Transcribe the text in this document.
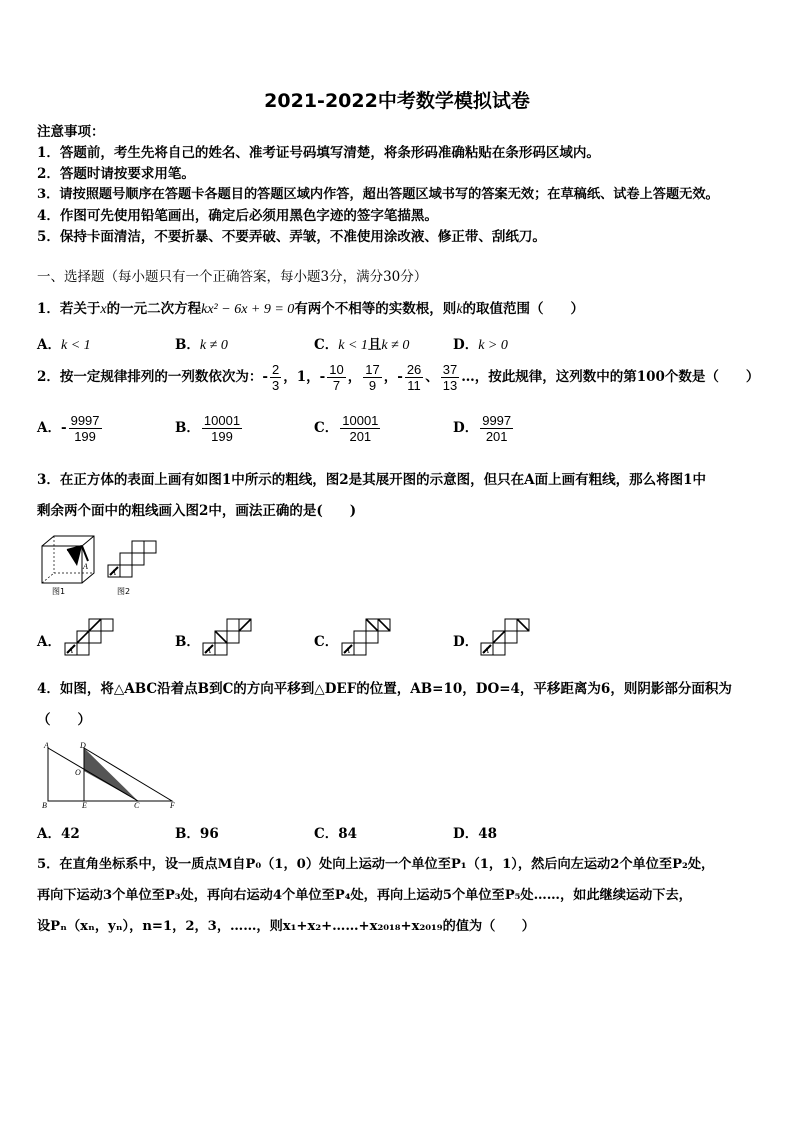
2021-2022中考数学模拟试卷
注意事项：
1．答题前，考生先将自己的姓名、准考证号码填写清楚，将条形码准确粘贴在条形码区域内。
2．答题时请按要求用笔。
3．请按照题号顺序在答题卡各题目的答题区域内作答，超出答题区域书写的答案无效；在草稿纸、试卷上答题无效。
4．作图可先使用铅笔画出，确定后必须用黑色字迹的签字笔描黑。
5．保持卡面清洁，不要折暴、不要弄破、弄皱，不准使用涂改液、修正带、刮纸刀。
一、选择题（每小题只有一个正确答案，每小题3分，满分30分）
1．若关于x的一元二次方程kx² − 6x + 9 = 0有两个不相等的实数根，则k的取值范围（　　）
A．k < 1	B．k ≠ 0	C．k < 1且k ≠ 0	D．k > 0
2．按一定规律排列的一列数依次为：- $\frac{2}{3}$ ，1，- $\frac{10}{7}$ ， $\frac{17}{9}$ ，- $\frac{26}{11}$ 、 $\frac{37}{13}$ …，按此规律，这列数中的第100个数是（　　）
A．- $\frac{9997}{199}$	B． $\frac{10001}{199}$	C． $\frac{10001}{201}$	D． $\frac{9997}{201}$
3．在正方体的表面上画有如图1中所示的粗线，图2是其展开图的示意图，但只在A面上画有粗线，那么将图1中
剩余两个面中的粗线画入图2中，画法正确的是(　　)
A
图1
A
图2
A．
A
B．
A
C．
A
D．
A
4．如图，将△ABC沿着点B到C的方向平移到△DEF的位置，AB=10，DO=4，平移距离为6，则阴影部分面积为
（　　）
A	D
O
B	E	C	F
A．42	B．96	C．84	D．48
5．在直角坐标系中，设一质点M自P₀（1，0）处向上运动一个单位至P₁（1，1），然后向左运动2个单位至P₂处，
再向下运动3个单位至P₃处，再向右运动4个单位至P₄处，再向上运动5个单位至P₅处……，如此继续运动下去，
设Pₙ（xₙ，yₙ），n=1，2，3，……，则x₁+x₂+……+x₂₀₁₈+x₂₀₁₉的值为（　　）
